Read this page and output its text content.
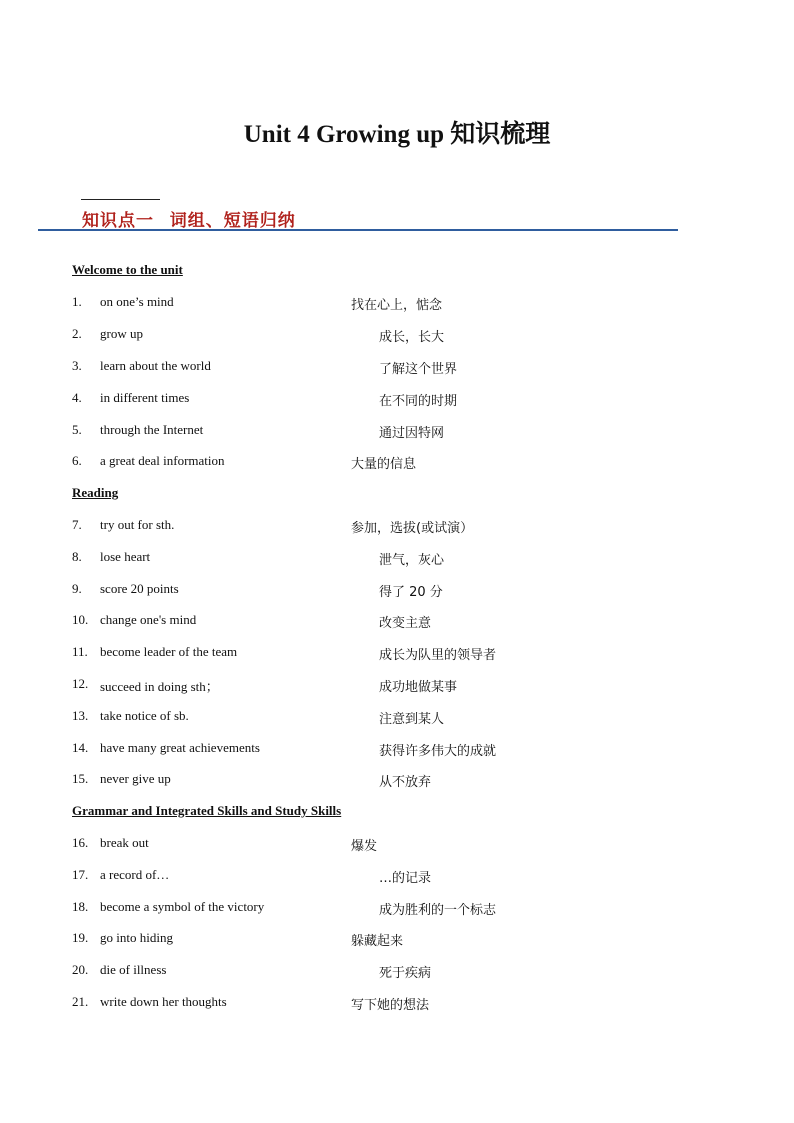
Unit 4 Growing up 知识梳理
知识点一   词组、短语归纳
Welcome to the unit
1. on one’s mind	找在心上，惦念
2. grow up	成长，长大
3. learn about the world	了解这个世界
4. in different times	在不同的时期
5. through the Internet	通过因特网
6. a great deal information	大量的信息
Reading
7. try out for sth.	参加，选拔(或试演）
8. lose heart	泄气，灰心
9. score 20 points	得了 20 分
10. change one's mind	改变主意
11. become leader of the team	成长为队里的领导者
12. succeed in doing sth；	成功地做某事
13. take notice of sb.	注意到某人
14. have many great achievements	获得许多伟大的成就
15. never give up	从不放弃
Grammar and Integrated Skills and Study Skills
16. break out	爆发
17. a record of…	…的记录
18. become a symbol of the victory	成为胜利的一个标志
19. go into hiding	躲藏起来
20. die of illness	死于疾病
21. write down her thoughts	写下她的想法
